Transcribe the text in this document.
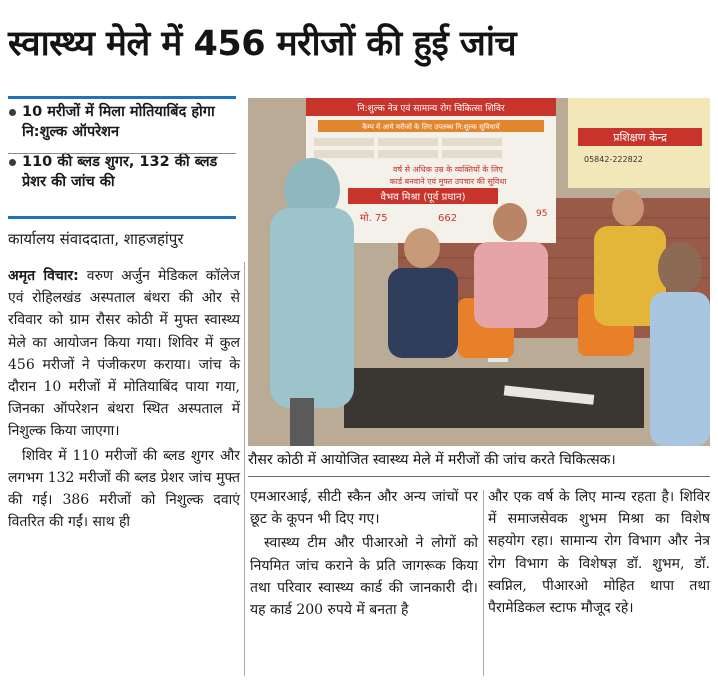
स्वास्थ्य मेले में 456 मरीजों की हुई जांच
10 मरीजों में मिला मोतियाबिंद होगा नि:शुल्क ऑपरेशन
110 की ब्लड शुगर, 132 की ब्लड प्रेशर की जांच की
कार्यालय संवाददाता, शाहजहांपुर
नि:शुल्क नेत्र एवं सामान्य रोग चिकित्सा शिविर
कैम्प में आये मरीजों के लिए उपलब्ध नि:शुल्क सुविधायें
वर्ष से अधिक उम्र के व्यक्तियों के लिए
कार्ड बनवाने एवं मुफ्त उपचार की सुविधा
वैभव मिश्रा (पूर्व प्रधान)
मो. 75	662	95
प्रशिक्षण केन्द्र
05842-222822
रौसर कोठी में आयोजित स्वास्थ्य मेले में मरीजों की जांच करते चिकित्सक।

अमृत विचार: वरुण अर्जुन मेडिकल कॉलेज एवं रोहिलखंड अस्पताल बंथरा की ओर से रविवार को ग्राम रौसर कोठी में मुफ्त स्वास्थ्य मेले का आयोजन किया गया। शिविर में कुल 456 मरीजों ने पंजीकरण कराया। जांच के दौरान 10 मरीजों में मोतियाबिंद पाया गया, जिनका ऑपरेशन बंथरा स्थित अस्पताल में निशुल्क किया जाएगा।

शिविर में 110 मरीजों की ब्लड शुगर और लगभग 132 मरीजों की ब्लड प्रेशर जांच मुफ्त की गई। 386 मरीजों को निशुल्क दवाएं वितरित की गईं। साथ ही

एमआरआई, सीटी स्कैन और अन्य जांचों पर छूट के कूपन भी दिए गए।

स्वास्थ्य टीम और पीआरओ ने लोगों को नियमित जांच कराने के प्रति जागरूक किया तथा परिवार स्वास्थ्य कार्ड की जानकारी दी। यह कार्ड 200 रुपये में बनता है

और एक वर्ष के लिए मान्य रहता है। शिविर में समाजसेवक शुभम मिश्रा का विशेष सहयोग रहा। सामान्य रोग विभाग और नेत्र रोग विभाग के विशेषज्ञ डॉ. शुभम, डॉ. स्वप्निल, पीआरओ मोहित थापा तथा पैरामेडिकल स्टाफ मौजूद रहे।
